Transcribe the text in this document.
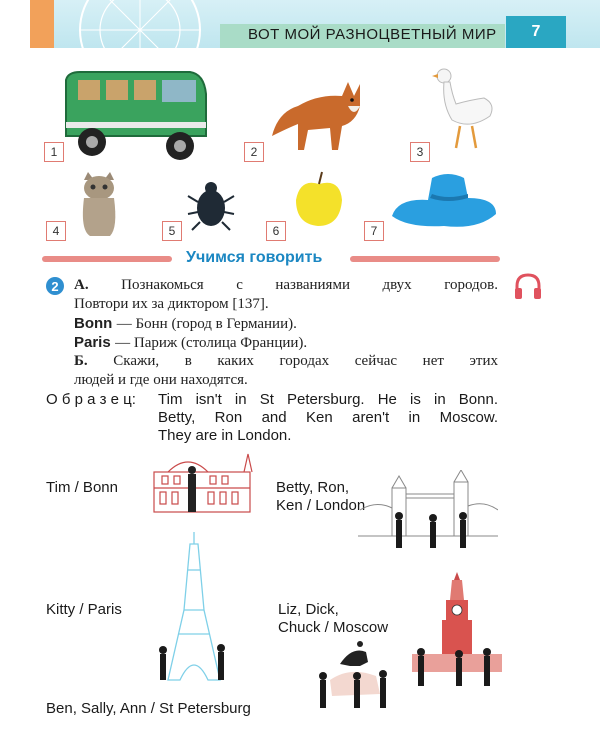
ВОТ МОЙ РАЗНОЦВЕТНЫЙ МИР	7
1	2	3
4	5	6	7
Учимся говорить
2	А. Познакомься с названиями двух городов.
Повтори их за диктором [137].
Bonn — Бонн (город в Германии).
Paris — Париж (столица Франции).
Б. Скажи, в каких городах сейчас нет этих
людей и где они находятся.
О б р а з е ц: Tim isn't in St Petersburg. He is in Bonn.
Betty, Ron and Ken aren't in Moscow.
They are in London.
Tim / Bonn	Betty, Ron,
Ken / London
Kitty / Paris	Liz, Dick,
Chuck / Moscow
Ben, Sally, Ann / St Petersburg
